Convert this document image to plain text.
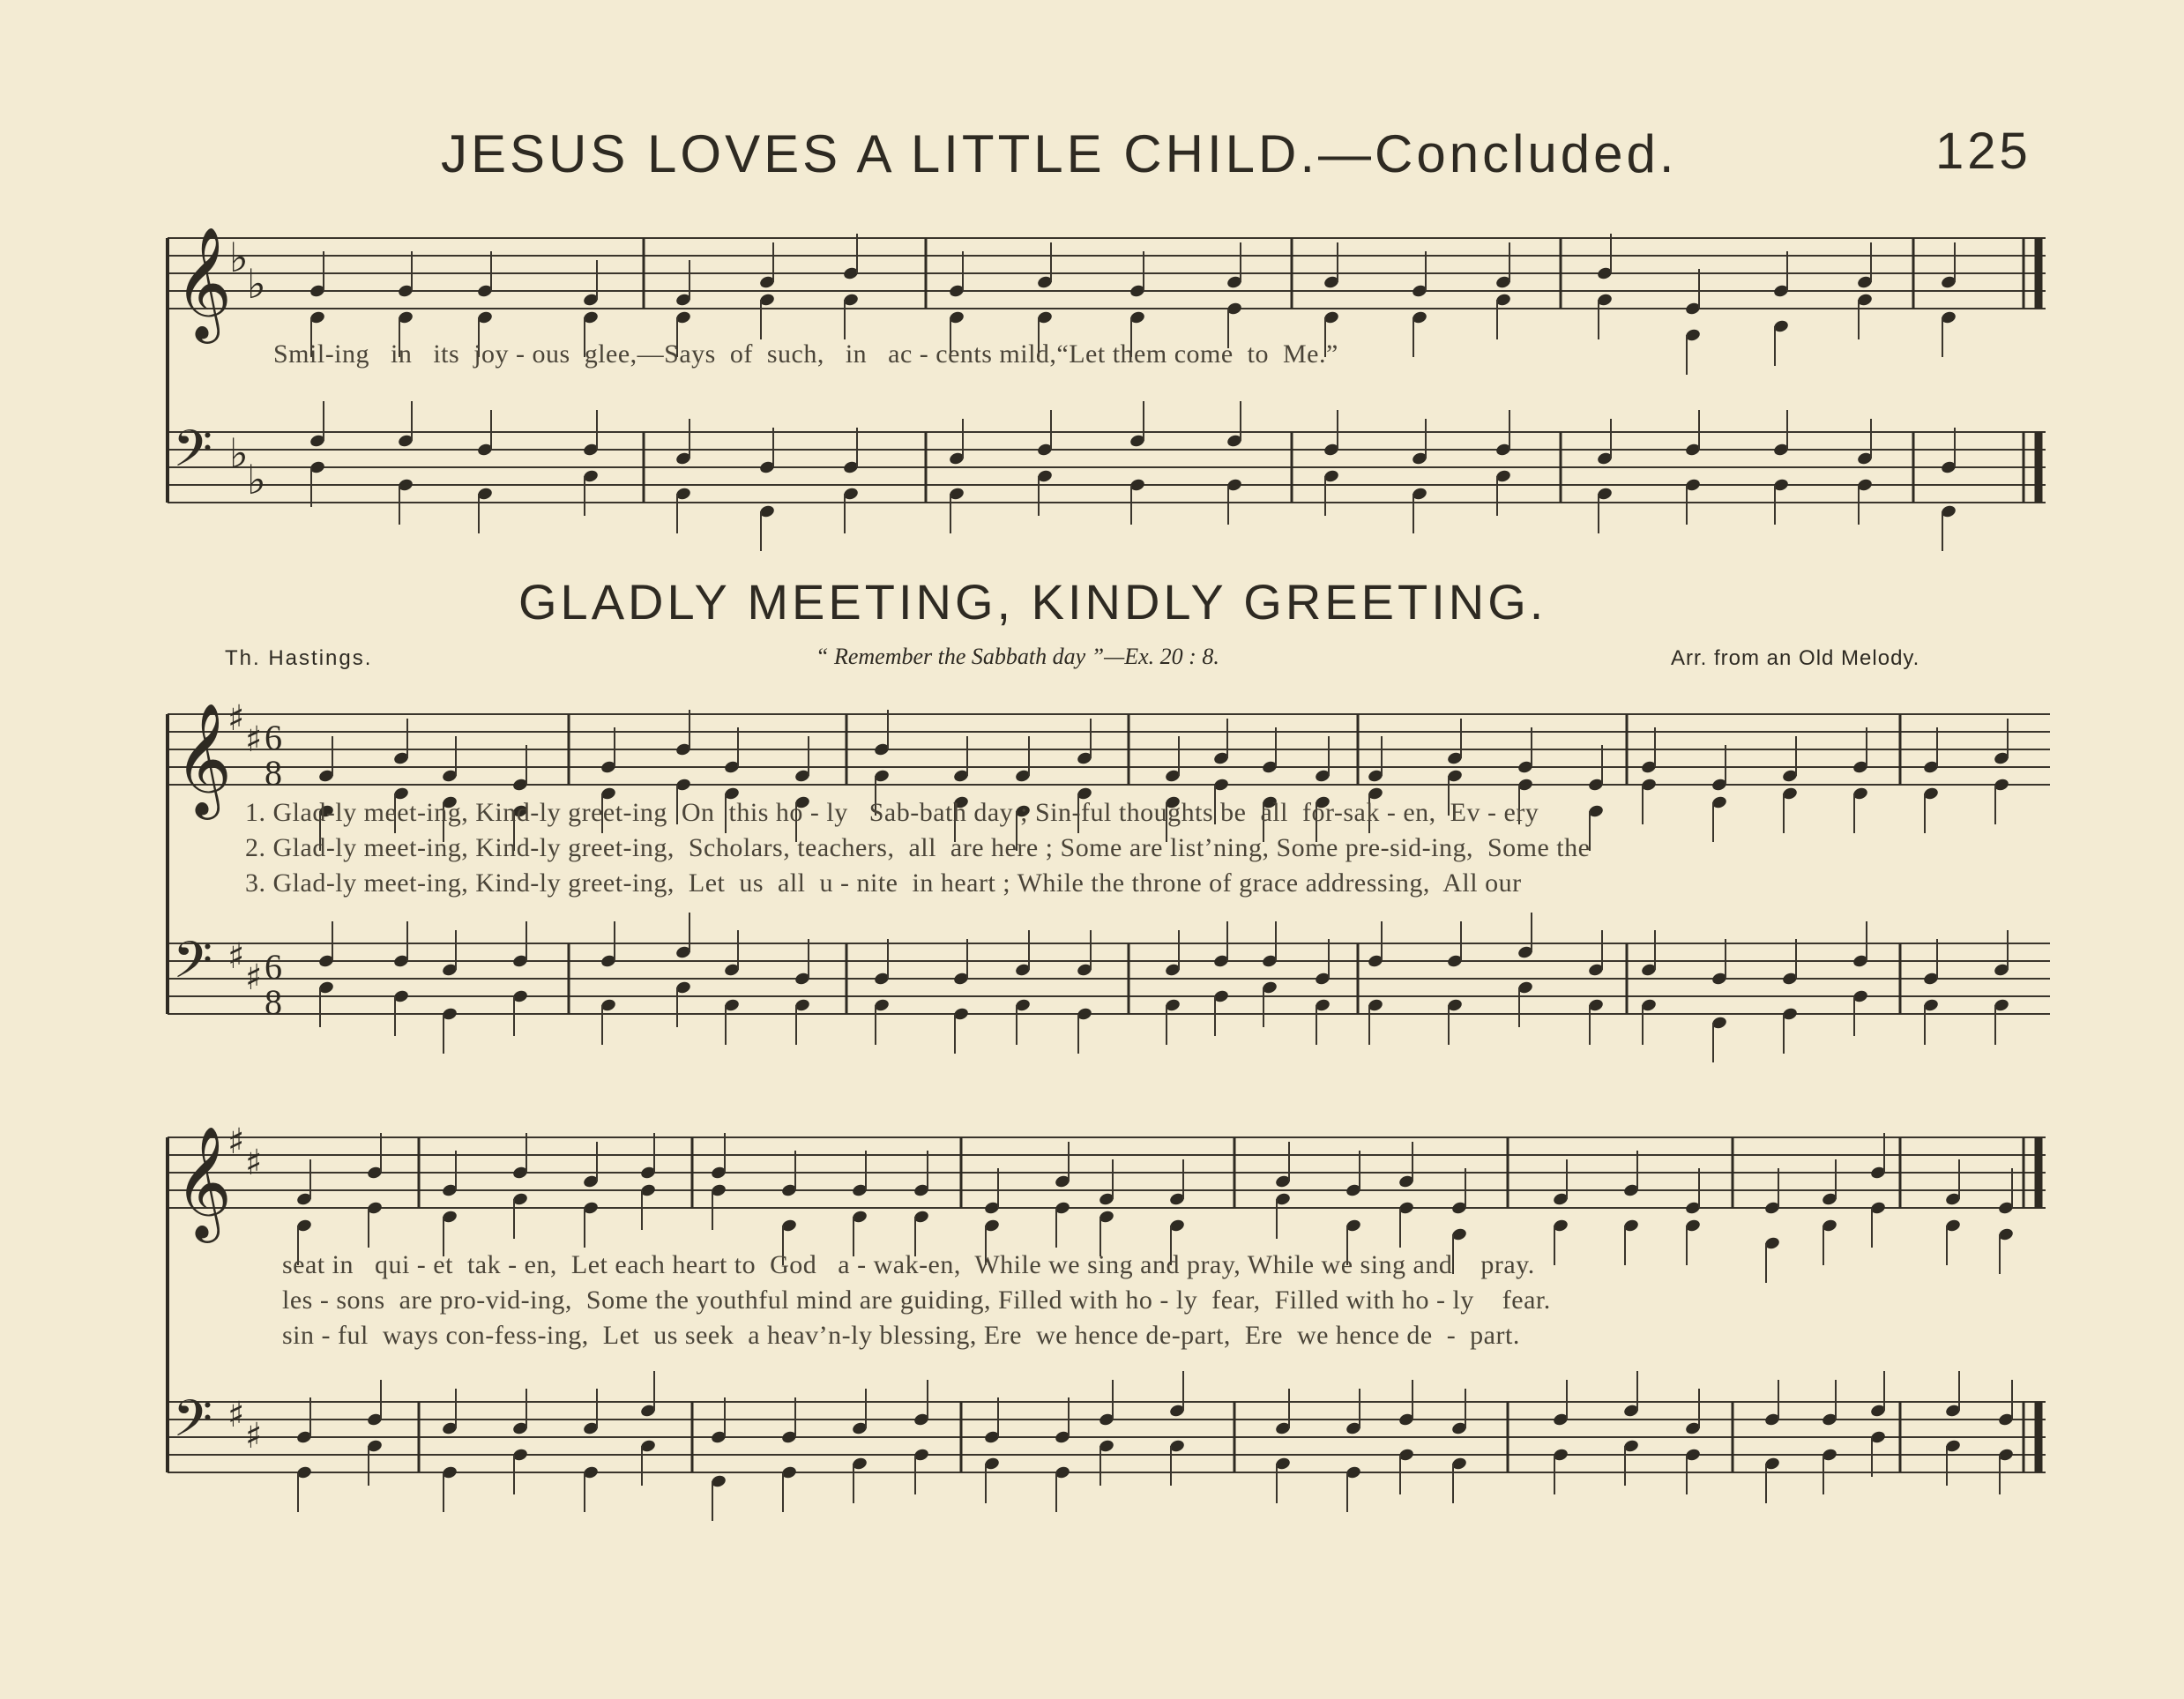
JESUS LOVES A LITTLE CHILD.—Concluded.	125
𝄞
♭
♭
𝄢 ♭
♭
Smil-ing   in   its  joy - ous  glee,—Says  of  such,   in   ac - cents mild,“Let them come  to  Me.”
GLADLY MEETING, KINDLY GREETING.
Th. Hastings.	“ Remember the Sabbath day ”—Ex. 20 : 8.	Arr. from an Old Melody.
𝄞
♯
♯ 6
8
𝄢 ♯
♯ 6
8
1. Glad-ly meet-ing, Kind-ly greet-ing  On  this ho - ly   Sab-bath day ; Sin-ful thoughts be  all  for-sak - en,  Ev - ery
2. Glad-ly meet-ing, Kind-ly greet-ing,  Scholars, teachers,  all  are here ; Some are list’ning, Some pre-sid-ing,  Some the
3. Glad-ly meet-ing, Kind-ly greet-ing,  Let  us  all  u - nite  in heart ; While the throne of grace addressing,  All our
𝄞
♯
♯
𝄢 ♯
♯
seat in   qui - et  tak - en,  Let each heart to  God   a - wak-en,  While we sing and pray, While we sing and    pray.
les - sons  are pro-vid-ing,  Some the youthful mind are guiding, Filled with ho - ly  fear,  Filled with ho - ly    fear.
sin - ful  ways con-fess-ing,  Let  us seek  a heav’n-ly blessing, Ere  we hence de-part,  Ere  we hence de  -  part.
